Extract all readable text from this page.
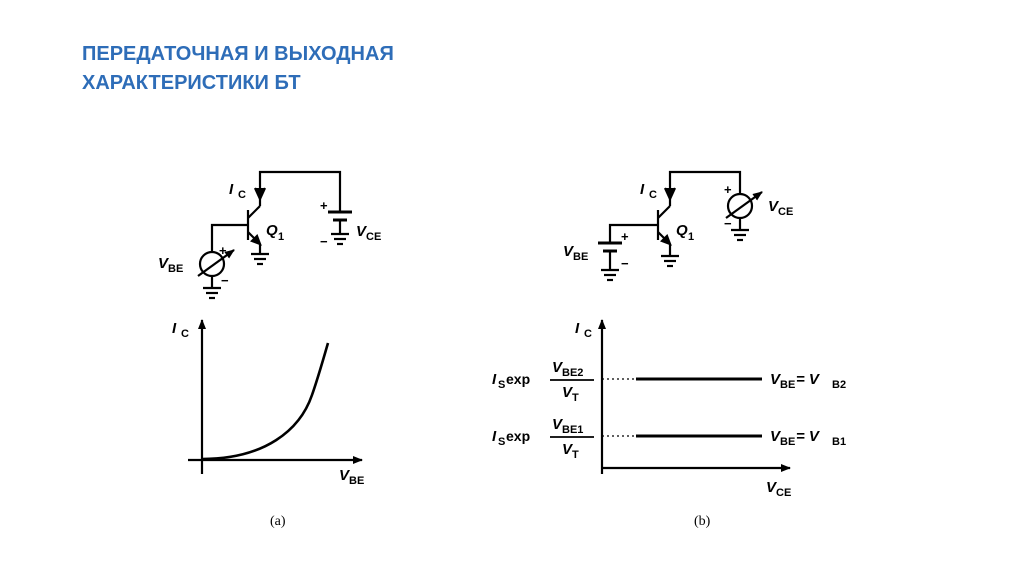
ПЕРЕДАТОЧНАЯ И ВЫХОДНАЯ
ХАРАКТЕРИСТИКИ БТ
I C
Q 1
V BE
+
−
+
−
V CE
I C
Q 1
V BE
+
−
+
−
V CE
I C
V BE
(a)
I C
V CE
I S exp
V BE2
V T
V BE = V B2
I S exp
V BE1
V T
V BE = V B1
(b)
